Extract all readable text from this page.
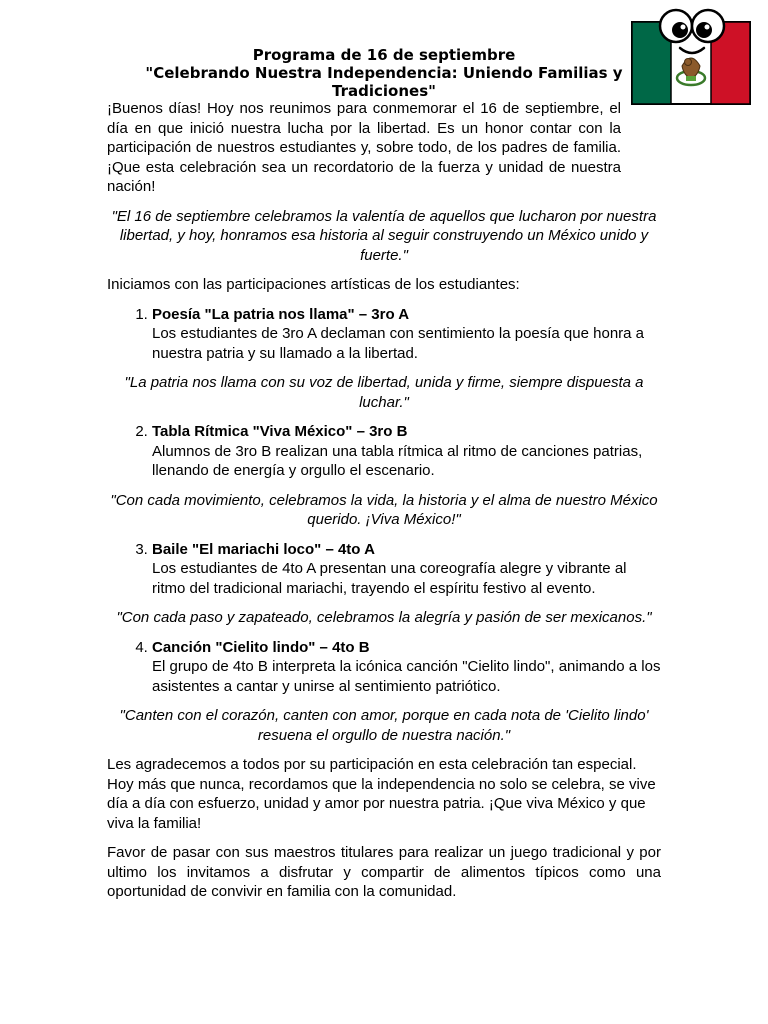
Programa de 16 de septiembre
"Celebrando Nuestra Independencia: Uniendo Familias y
Tradiciones"

¡Buenos días! Hoy nos reunimos para conmemorar el 16 de septiembre, el día en que inició nuestra lucha por la libertad. Es un honor contar con la participación de nuestros estudiantes y, sobre todo, de los padres de familia. ¡Que esta celebración sea un recordatorio de la fuerza y unidad de nuestra nación!

"El 16 de septiembre celebramos la valentía de aquellos que lucharon por nuestra libertad, y hoy, honramos esa historia al seguir construyendo un México unido y fuerte."

Iniciamos con las participaciones artísticas de los estudiantes:

1. Poesía "La patria nos llama" – 3ro A
Los estudiantes de 3ro A declaman con sentimiento la poesía que honra a nuestra patria y su llamado a la libertad.

"La patria nos llama con su voz de libertad, unida y firme, siempre dispuesta a luchar."

2. Tabla Rítmica "Viva México" – 3ro B
Alumnos de 3ro B realizan una tabla rítmica al ritmo de canciones patrias, llenando de energía y orgullo el escenario.

"Con cada movimiento, celebramos la vida, la historia y el alma de nuestro México querido. ¡Viva México!"

3. Baile "El mariachi loco" – 4to A
Los estudiantes de 4to A presentan una coreografía alegre y vibrante al ritmo del tradicional mariachi, trayendo el espíritu festivo al evento.

"Con cada paso y zapateado, celebramos la alegría y pasión de ser mexicanos."

4. Canción "Cielito lindo" – 4to B
El grupo de 4to B interpreta la icónica canción "Cielito lindo", animando a los asistentes a cantar y unirse al sentimiento patriótico.

"Canten con el corazón, canten con amor, porque en cada nota de 'Cielito lindo' resuena el orgullo de nuestra nación."

Les agradecemos a todos por su participación en esta celebración tan especial. Hoy más que nunca, recordamos que la independencia no solo se celebra, se vive día a día con esfuerzo, unidad y amor por nuestra patria. ¡Que viva México y que viva la familia!

Favor de pasar con sus maestros titulares para realizar un juego tradicional y por ultimo los invitamos a disfrutar y compartir de alimentos típicos como una oportunidad de convivir en familia con la comunidad.
